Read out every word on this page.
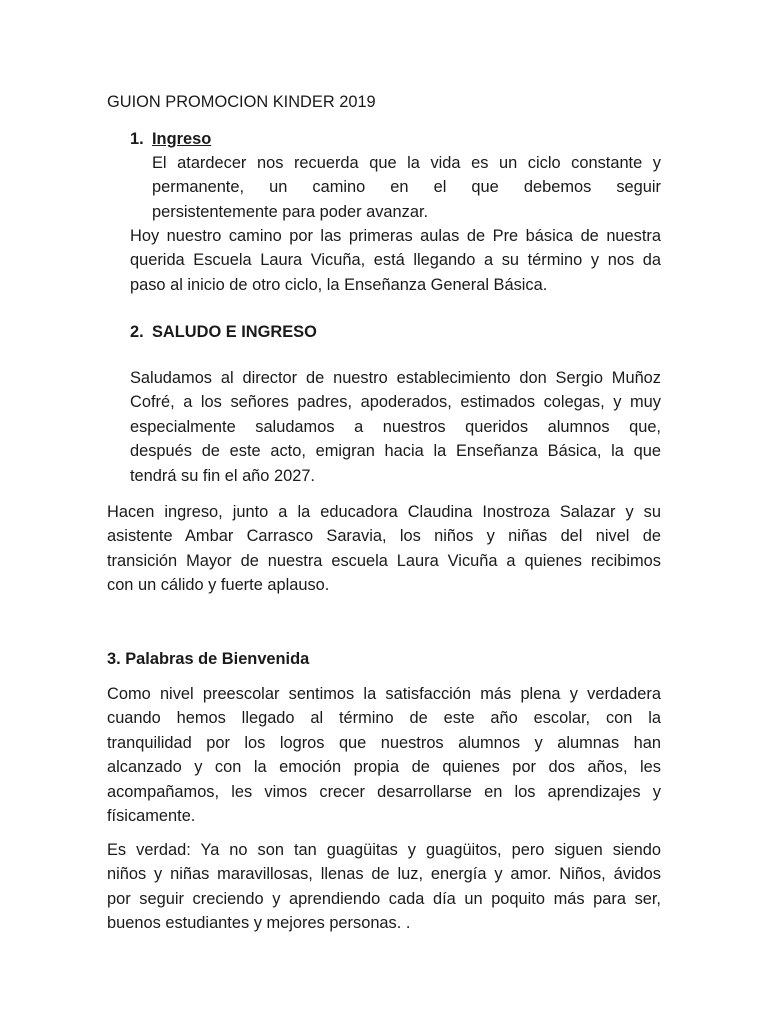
GUION PROMOCION KINDER 2019
1. Ingreso
El atardecer nos recuerda que la vida es un ciclo constante y
permanente, un camino en el que debemos seguir
persistentemente para poder avanzar.
Hoy nuestro camino por las primeras aulas de Pre básica de nuestra
querida Escuela Laura Vicuña, está llegando a su término y nos da
paso al inicio de otro ciclo, la Enseñanza General Básica.
2. SALUDO E INGRESO
Saludamos al director de nuestro establecimiento don Sergio Muñoz
Cofré, a los señores padres, apoderados, estimados colegas, y muy
especialmente saludamos a nuestros queridos alumnos que,
después de este acto, emigran hacia la Enseñanza Básica, la que
tendrá su fin el año 2027.
Hacen ingreso, junto a la educadora Claudina Inostroza Salazar y su
asistente Ambar Carrasco Saravia, los niños y niñas del nivel de
transición Mayor de nuestra escuela Laura Vicuña a quienes recibimos
con un cálido y fuerte aplauso.
3. Palabras de Bienvenida
Como nivel preescolar sentimos la satisfacción más plena y verdadera
cuando hemos llegado al término de este año escolar, con la
tranquilidad por los logros que nuestros alumnos y alumnas han
alcanzado y con la emoción propia de quienes por dos años, les
acompañamos, les vimos crecer desarrollarse en los aprendizajes y
físicamente.
Es verdad: Ya no son tan guagüitas y guagüitos, pero siguen siendo
niños y niñas maravillosas, llenas de luz, energía y amor. Niños, ávidos
por seguir creciendo y aprendiendo cada día un poquito más para ser,
buenos estudiantes y mejores personas. .
